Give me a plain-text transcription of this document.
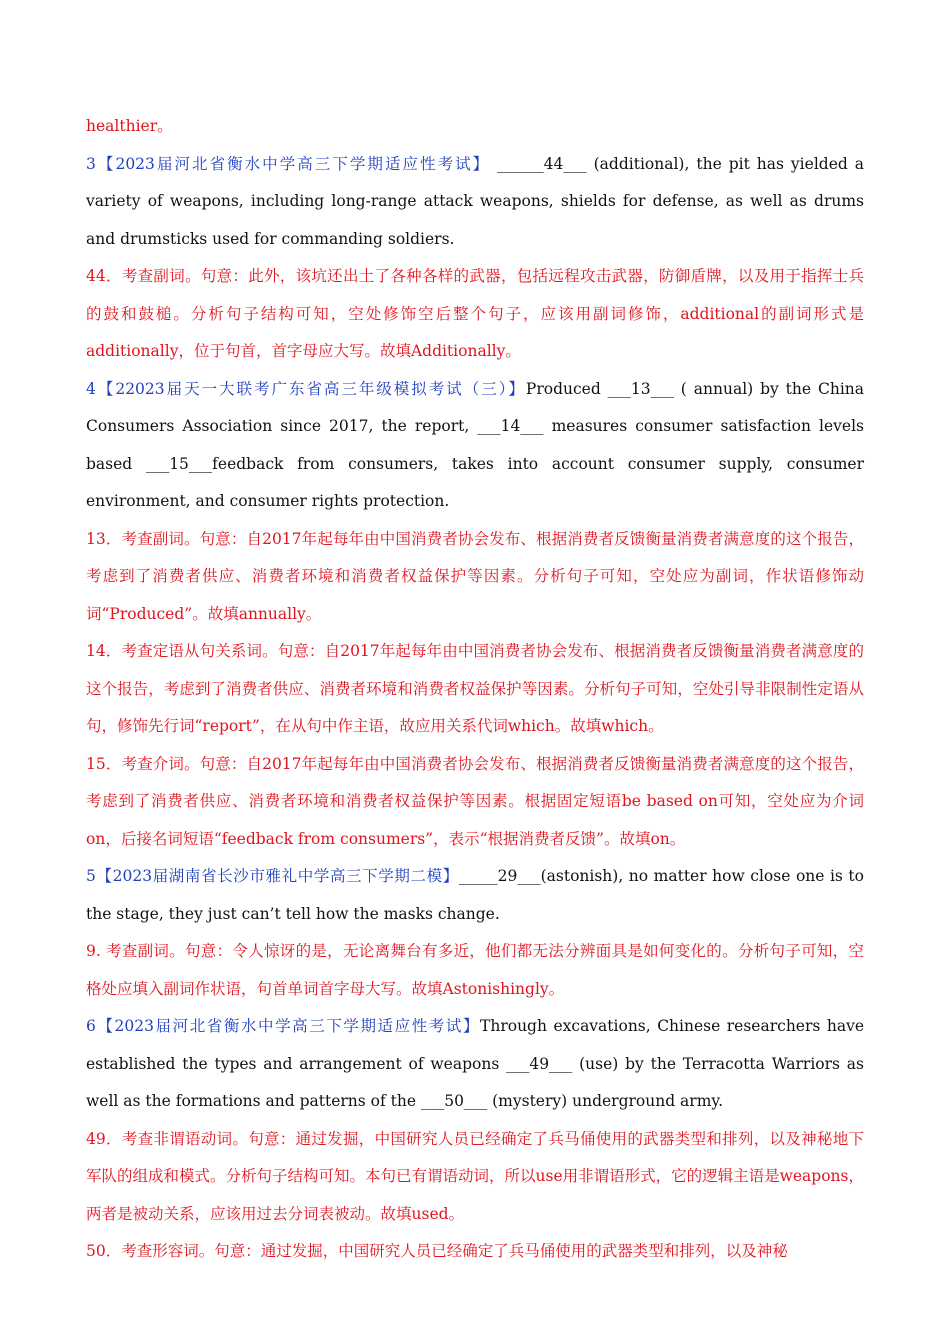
healthier。

3【2023届河北省衡水中学高三下学期适应性考试】 ______44___ (additional), the pit has yielded a variety of weapons, including long-range attack weapons, shields for defense, as well as drums and drumsticks used for commanding soldiers.

44．考查副词。句意：此外，该坑还出土了各种各样的武器，包括远程攻击武器，防御盾牌，以及用于指挥士兵的鼓和鼓槌。分析句子结构可知，空处修饰空后整个句子，应该用副词修饰，additional的副词形式是additionally，位于句首，首字母应大写。故填Additionally。

4【22023届天一大联考广东省高三年级模拟考试（三）】Produced ___13___ ( annual) by the China Consumers Association since 2017, the report, ___14___ measures consumer satisfaction levels based ___15___feedback from consumers, takes into account consumer supply, consumer environment, and consumer rights protection.

13．考查副词。句意：自2017年起每年由中国消费者协会发布、根据消费者反馈衡量消费者满意度的这个报告，考虑到了消费者供应、消费者环境和消费者权益保护等因素。分析句子可知，空处应为副词，作状语修饰动词“Produced”。故填annually。

14．考查定语从句关系词。句意：自2017年起每年由中国消费者协会发布、根据消费者反馈衡量消费者满意度的这个报告，考虑到了消费者供应、消费者环境和消费者权益保护等因素。分析句子可知，空处引导非限制性定语从句，修饰先行词“report”，在从句中作主语，故应用关系代词which。故填which。

15．考查介词。句意：自2017年起每年由中国消费者协会发布、根据消费者反馈衡量消费者满意度的这个报告，考虑到了消费者供应、消费者环境和消费者权益保护等因素。根据固定短语be based on可知，空处应为介词on，后接名词短语“feedback from consumers”，表示“根据消费者反馈”。故填on。

5【2023届湖南省长沙市雅礼中学高三下学期二模】_____29___(astonish), no matter how close one is to the stage, they just can’t tell how the masks change.

9. 考查副词。句意：令人惊讶的是，无论离舞台有多近，他们都无法分辨面具是如何变化的。分析句子可知，空格处应填入副词作状语，句首单词首字母大写。故填Astonishingly。

6【2023届河北省衡水中学高三下学期适应性考试】Through excavations, Chinese researchers have established the types and arrangement of weapons ___49___ (use) by the Terracotta Warriors as well as the formations and patterns of the ___50___ (mystery) underground army.

49．考查非谓语动词。句意：通过发掘，中国研究人员已经确定了兵马俑使用的武器类型和排列，以及神秘地下军队的组成和模式。分析句子结构可知。本句已有谓语动词，所以use用非谓语形式，它的逻辑主语是weapons，两者是被动关系，应该用过去分词表被动。故填used。

50．考查形容词。句意：通过发掘，中国研究人员已经确定了兵马俑使用的武器类型和排列，以及神秘
